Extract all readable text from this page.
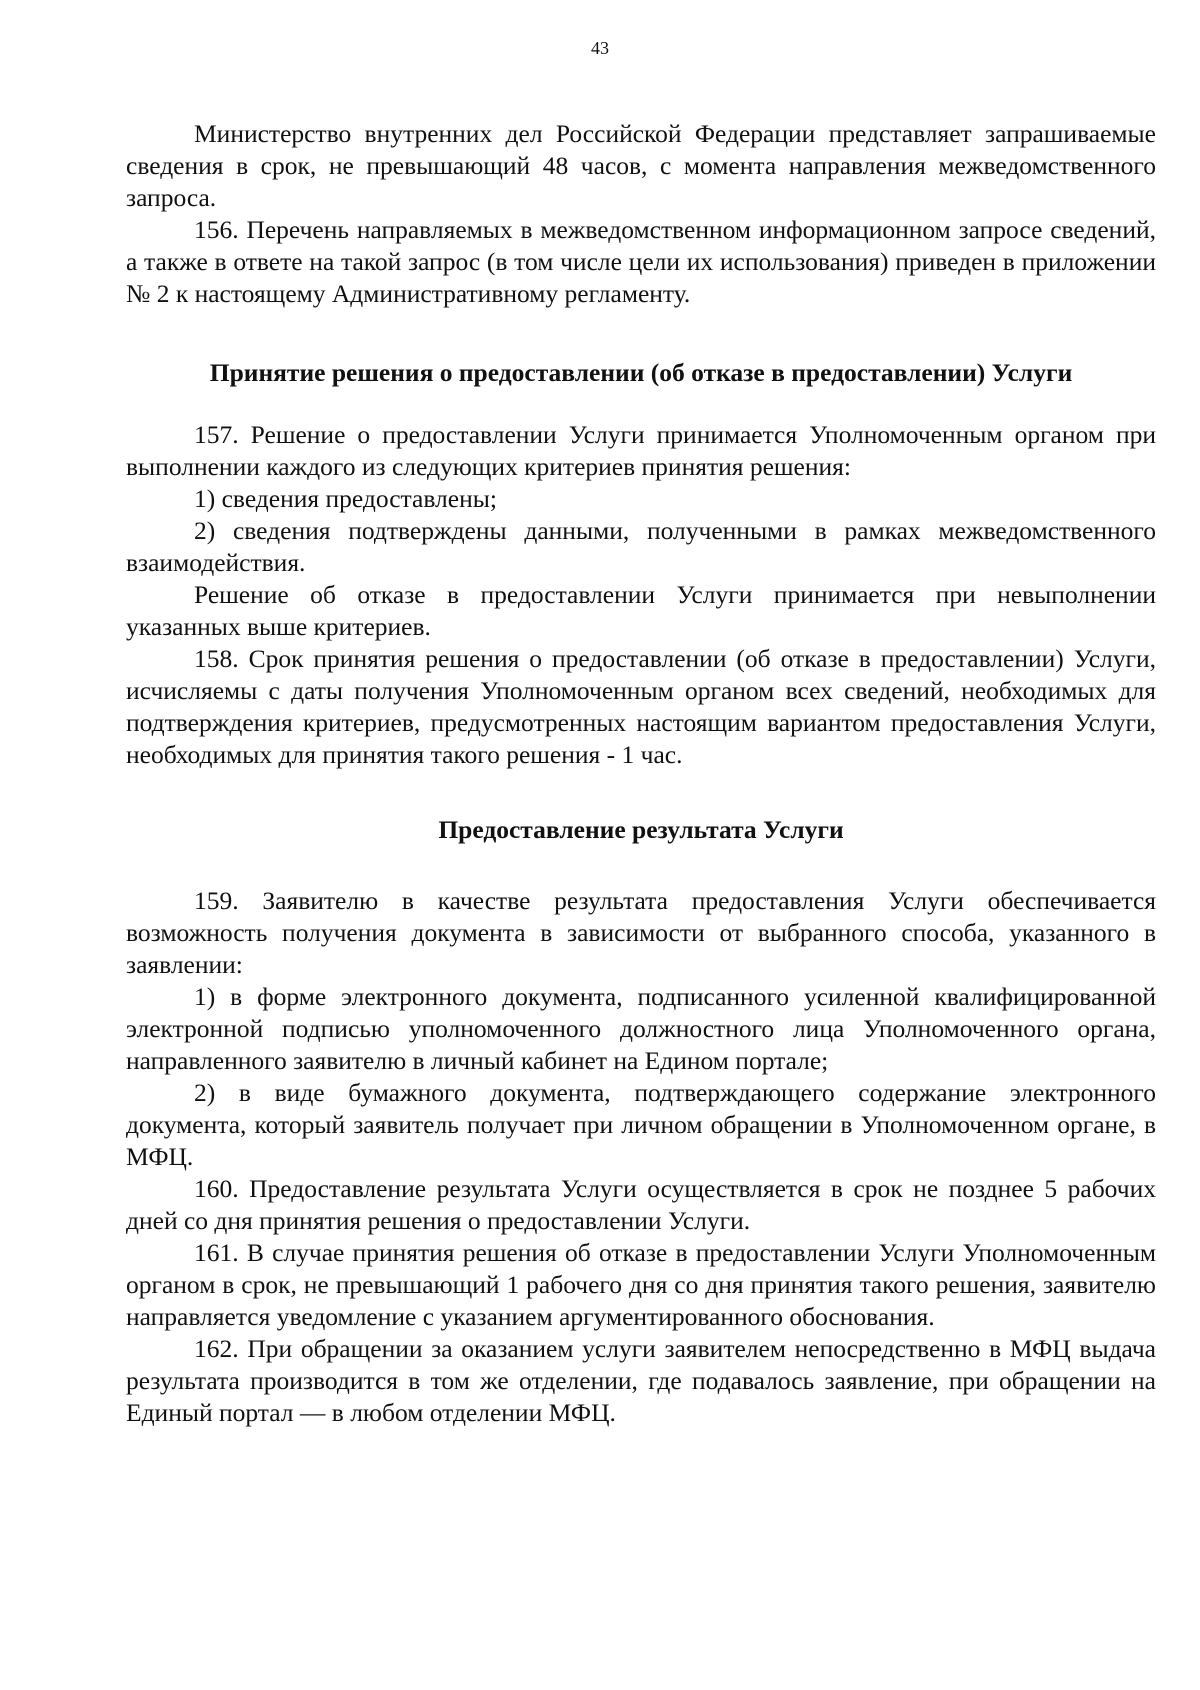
43

Министерство внутренних дел Российской Федерации представляет запрашиваемые сведения в срок, не превышающий 48 часов, с момента направления межведомственного запроса.

156. Перечень направляемых в межведомственном информационном запросе сведений, а также в ответе на такой запрос (в том числе цели их использования) приведен в приложении № 2 к настоящему Административному регламенту.

Принятие решения о предоставлении (об отказе в предоставлении) Услуги

157. Решение о предоставлении Услуги принимается Уполномоченным органом при выполнении каждого из следующих критериев принятия решения:

1) сведения предоставлены;

2) сведения подтверждены данными, полученными в рамках межведомственного взаимодействия.

Решение об отказе в предоставлении Услуги принимается при невыполнении указанных выше критериев.

158. Срок принятия решения о предоставлении (об отказе в предоставлении) Услуги, исчисляемы с даты получения Уполномоченным органом всех сведений, необходимых для подтверждения критериев, предусмотренных настоящим вариантом предоставления Услуги, необходимых для принятия такого решения - 1 час.

Предоставление результата Услуги

159. Заявителю в качестве результата предоставления Услуги обеспечивается возможность получения документа в зависимости от выбранного способа, указанного в заявлении:

1) в форме электронного документа, подписанного усиленной квалифицированной электронной подписью уполномоченного должностного лица Уполномоченного органа, направленного заявителю в личный кабинет на Едином портале;

2) в виде бумажного документа, подтверждающего содержание электронного документа, который заявитель получает при личном обращении в Уполномоченном органе, в МФЦ.

160. Предоставление результата Услуги осуществляется в срок не позднее 5 рабочих дней со дня принятия решения о предоставлении Услуги.

161. В случае принятия решения об отказе в предоставлении Услуги Уполномоченным органом в срок, не превышающий 1 рабочего дня со дня принятия такого решения, заявителю направляется уведомление с указанием аргументированного обоснования.

162. При обращении за оказанием услуги заявителем непосредственно в МФЦ выдача результата производится в том же отделении, где подавалось заявление, при обращении на Единый портал — в любом отделении МФЦ.
